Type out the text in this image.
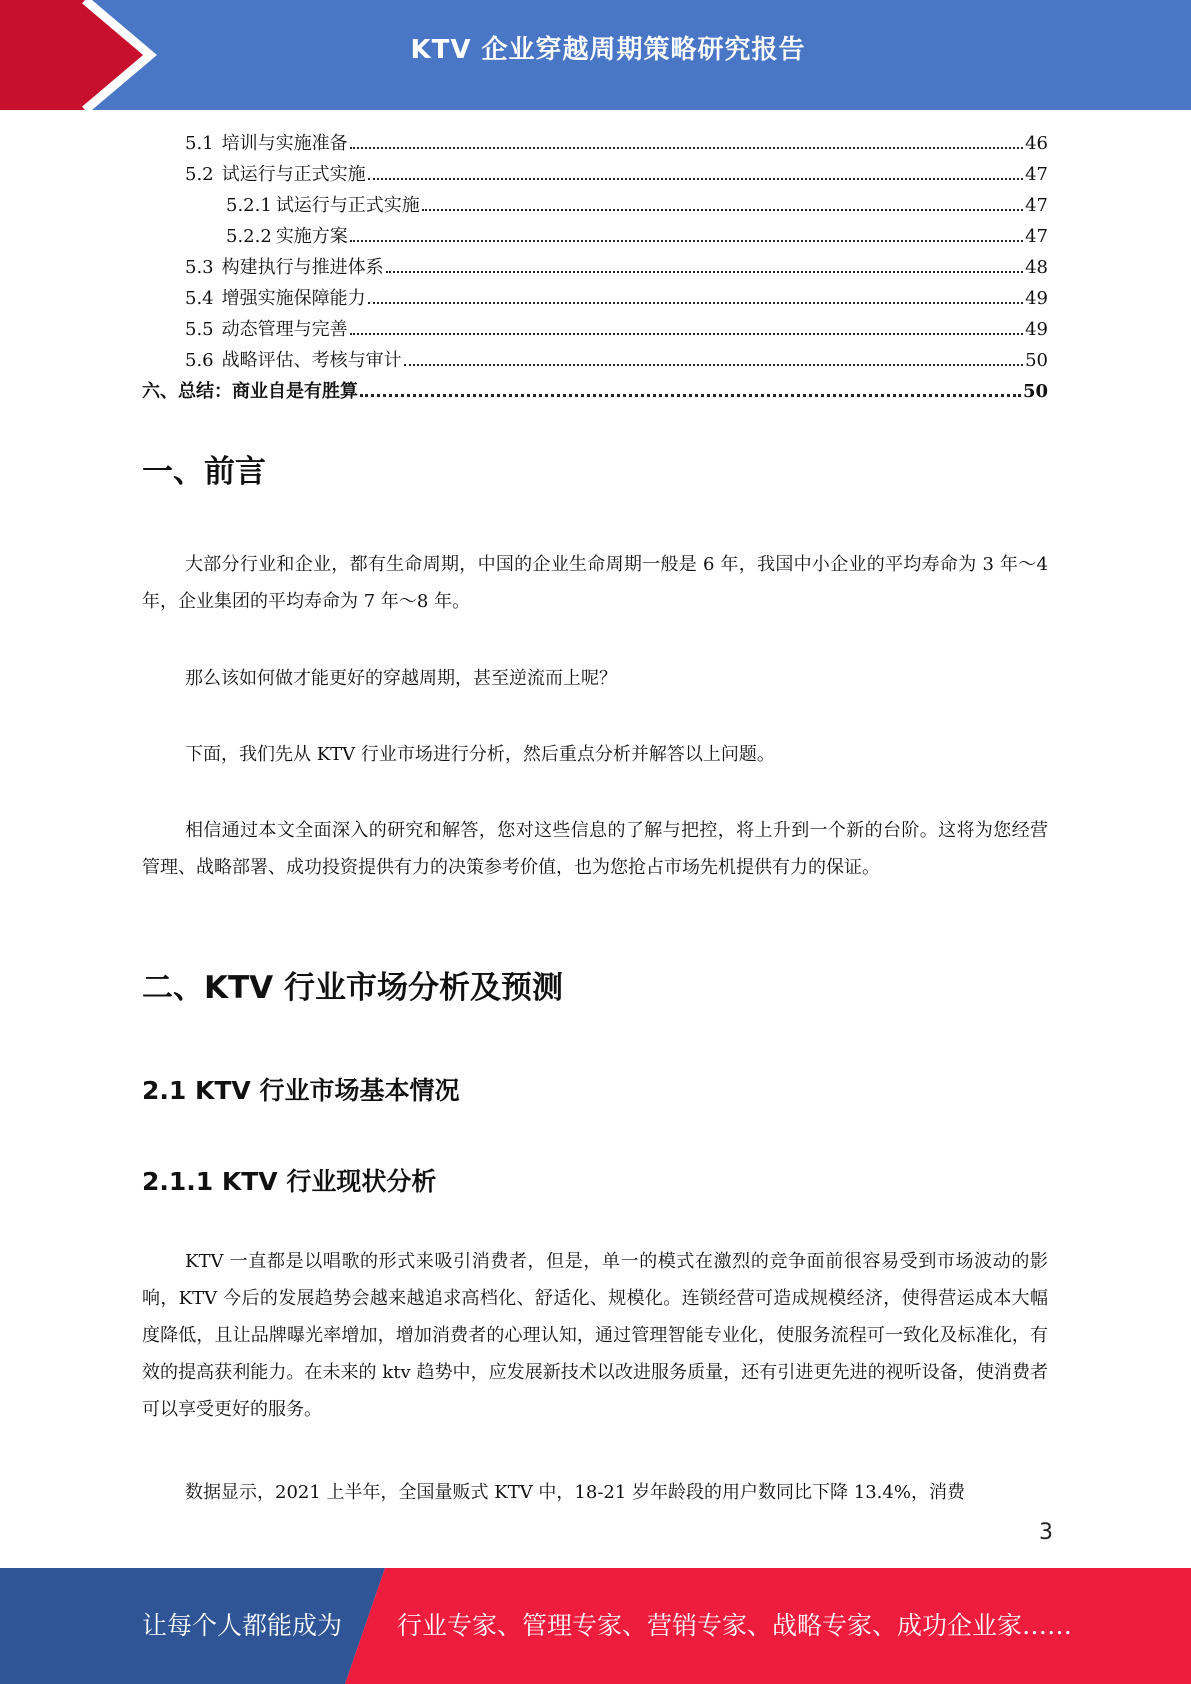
KTV 企业穿越周期策略研究报告
5.1 培训与实施准备	46
5.2 试运行与正式实施	47
5.2.1 试运行与正式实施	47
5.2.2 实施方案	47
5.3 构建执行与推进体系	48
5.4 增强实施保障能力	49
5.5 动态管理与完善	49
5.6 战略评估、考核与审计	50
六、总结：商业自是有胜算	50
一、前言
大部分行业和企业，都有生命周期，中国的企业生命周期一般是 6 年，我国中小企业的平均寿命为 3 年～4 年，企业集团的平均寿命为 7 年～8 年。
那么该如何做才能更好的穿越周期，甚至逆流而上呢？
下面，我们先从 KTV 行业市场进行分析，然后重点分析并解答以上问题。
相信通过本文全面深入的研究和解答，您对这些信息的了解与把控，将上升到一个新的台阶。这将为您经营管理、战略部署、成功投资提供有力的决策参考价值，也为您抢占市场先机提供有力的保证。
二、KTV 行业市场分析及预测
2.1 KTV 行业市场基本情况
2.1.1 KTV 行业现状分析
KTV 一直都是以唱歌的形式来吸引消费者，但是，单一的模式在激烈的竞争面前很容易受到市场波动的影响，KTV 今后的发展趋势会越来越追求高档化、舒适化、规模化。连锁经营可造成规模经济，使得营运成本大幅度降低，且让品牌曝光率增加，增加消费者的心理认知，通过管理智能专业化，使服务流程可一致化及标准化，有效的提高获利能力。在未来的 ktv 趋势中，应发展新技术以改进服务质量，还有引进更先进的视听设备，使消费者可以享受更好的服务。
数据显示，2021 上半年，全国量贩式 KTV 中，18-21 岁年龄段的用户数同比下降 13.4%，消费
3
让每个人都能成为 行业专家、管理专家、营销专家、战略专家、成功企业家……
